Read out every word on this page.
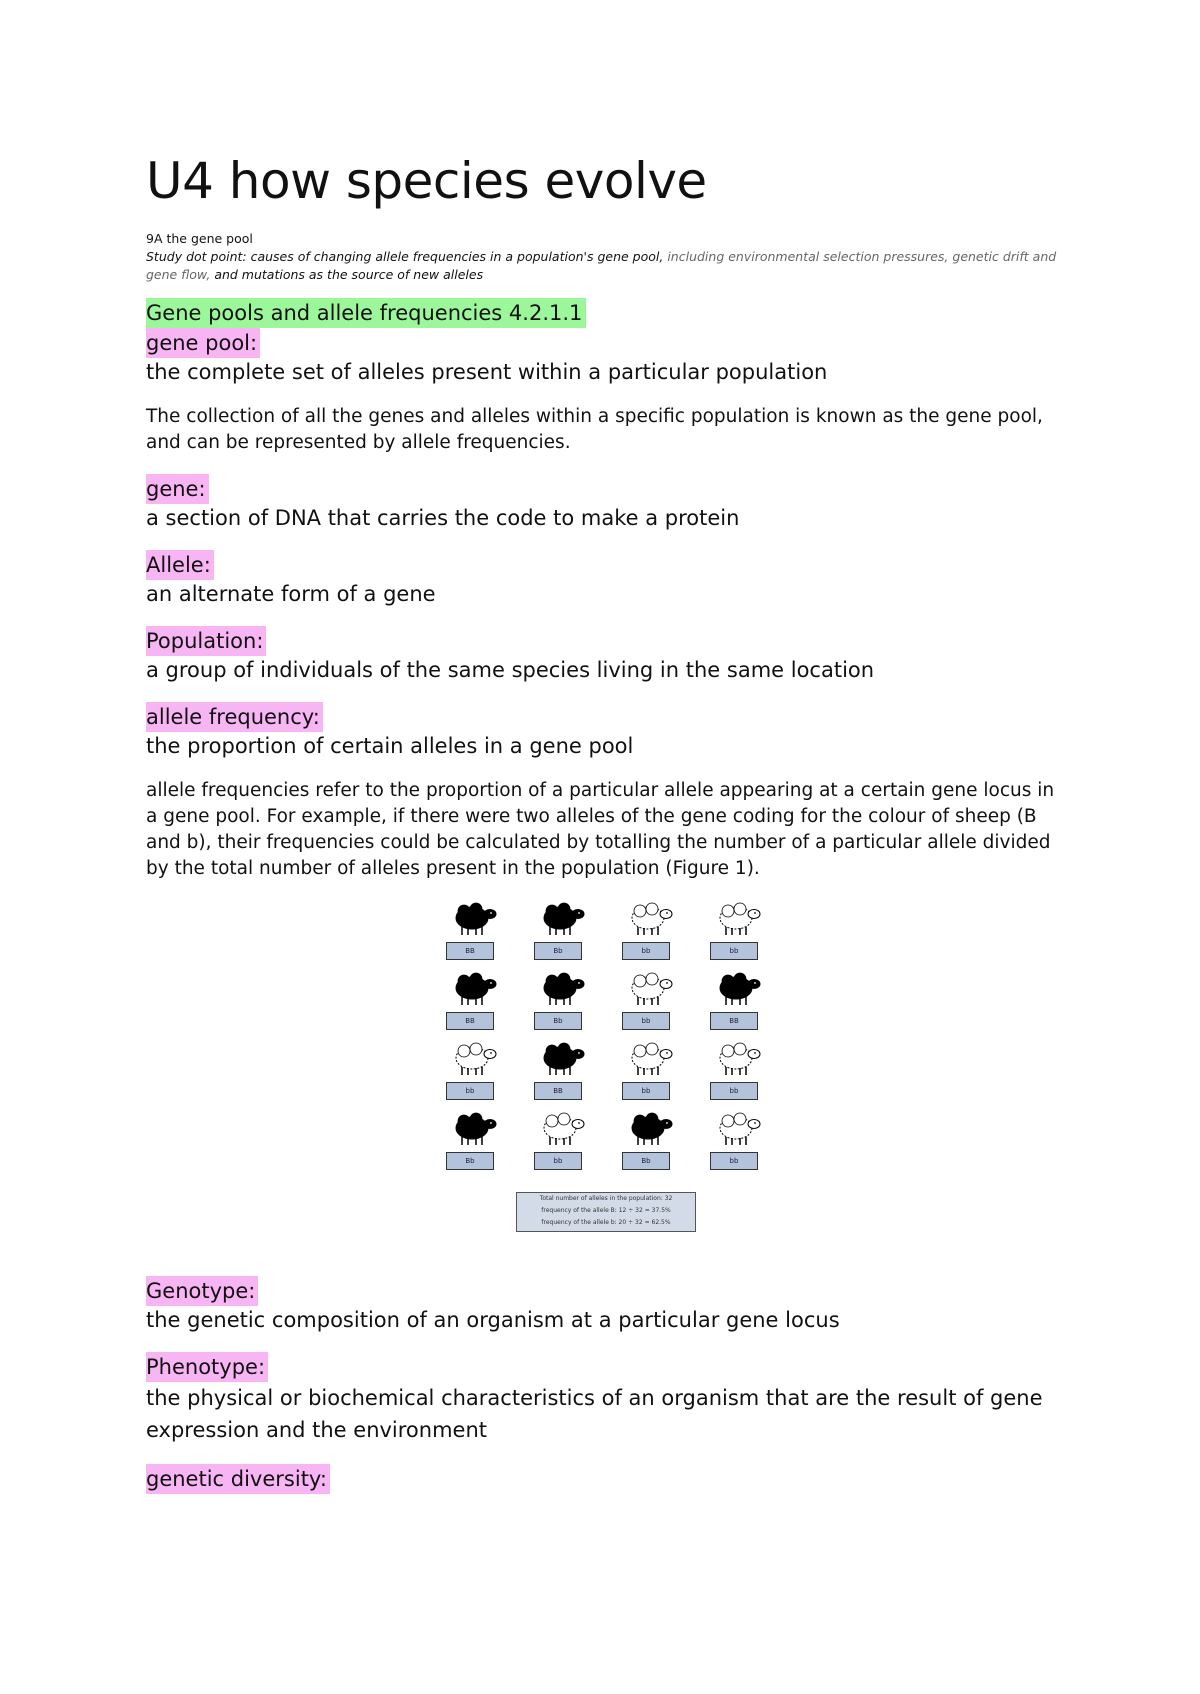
U4 how species evolve
9A the gene pool
Study dot point: causes of changing allele frequencies in a population's gene pool, including environmental selection pressures, genetic drift and gene flow, and mutations as the source of new alleles
Gene pools and allele frequencies 4.2.1.1
gene pool:

the complete set of alleles present within a particular population

The collection of all the genes and alleles within a specific population is known as the gene pool, and can be represented by allele frequencies.

gene:

a section of DNA that carries the code to make a protein

Allele:

an alternate form of a gene

Population:

a group of individuals of the same species living in the same location

allele frequency:

the proportion of certain alleles in a gene pool

allele frequencies refer to the proportion of a particular allele appearing at a certain gene locus in a gene pool. For example, if there were two alleles of the gene coding for the colour of sheep (B and b), their frequencies could be calculated by totalling the number of a particular allele divided by the total number of alleles present in the population (Figure 1).

BB	Bb	bb	bb
BB	Bb	bb	BB
bb	BB	bb	bb
Bb	bb	Bb	bb
Total number of alleles in the population: 32
frequency of the allele B: 12 ÷ 32 = 37.5%
frequency of the allele b: 20 ÷ 32 = 62.5%
Genotype:

the genetic composition of an organism at a particular gene locus

Phenotype:

the physical or biochemical characteristics of an organism that are the result of gene expression and the environment

genetic diversity:
